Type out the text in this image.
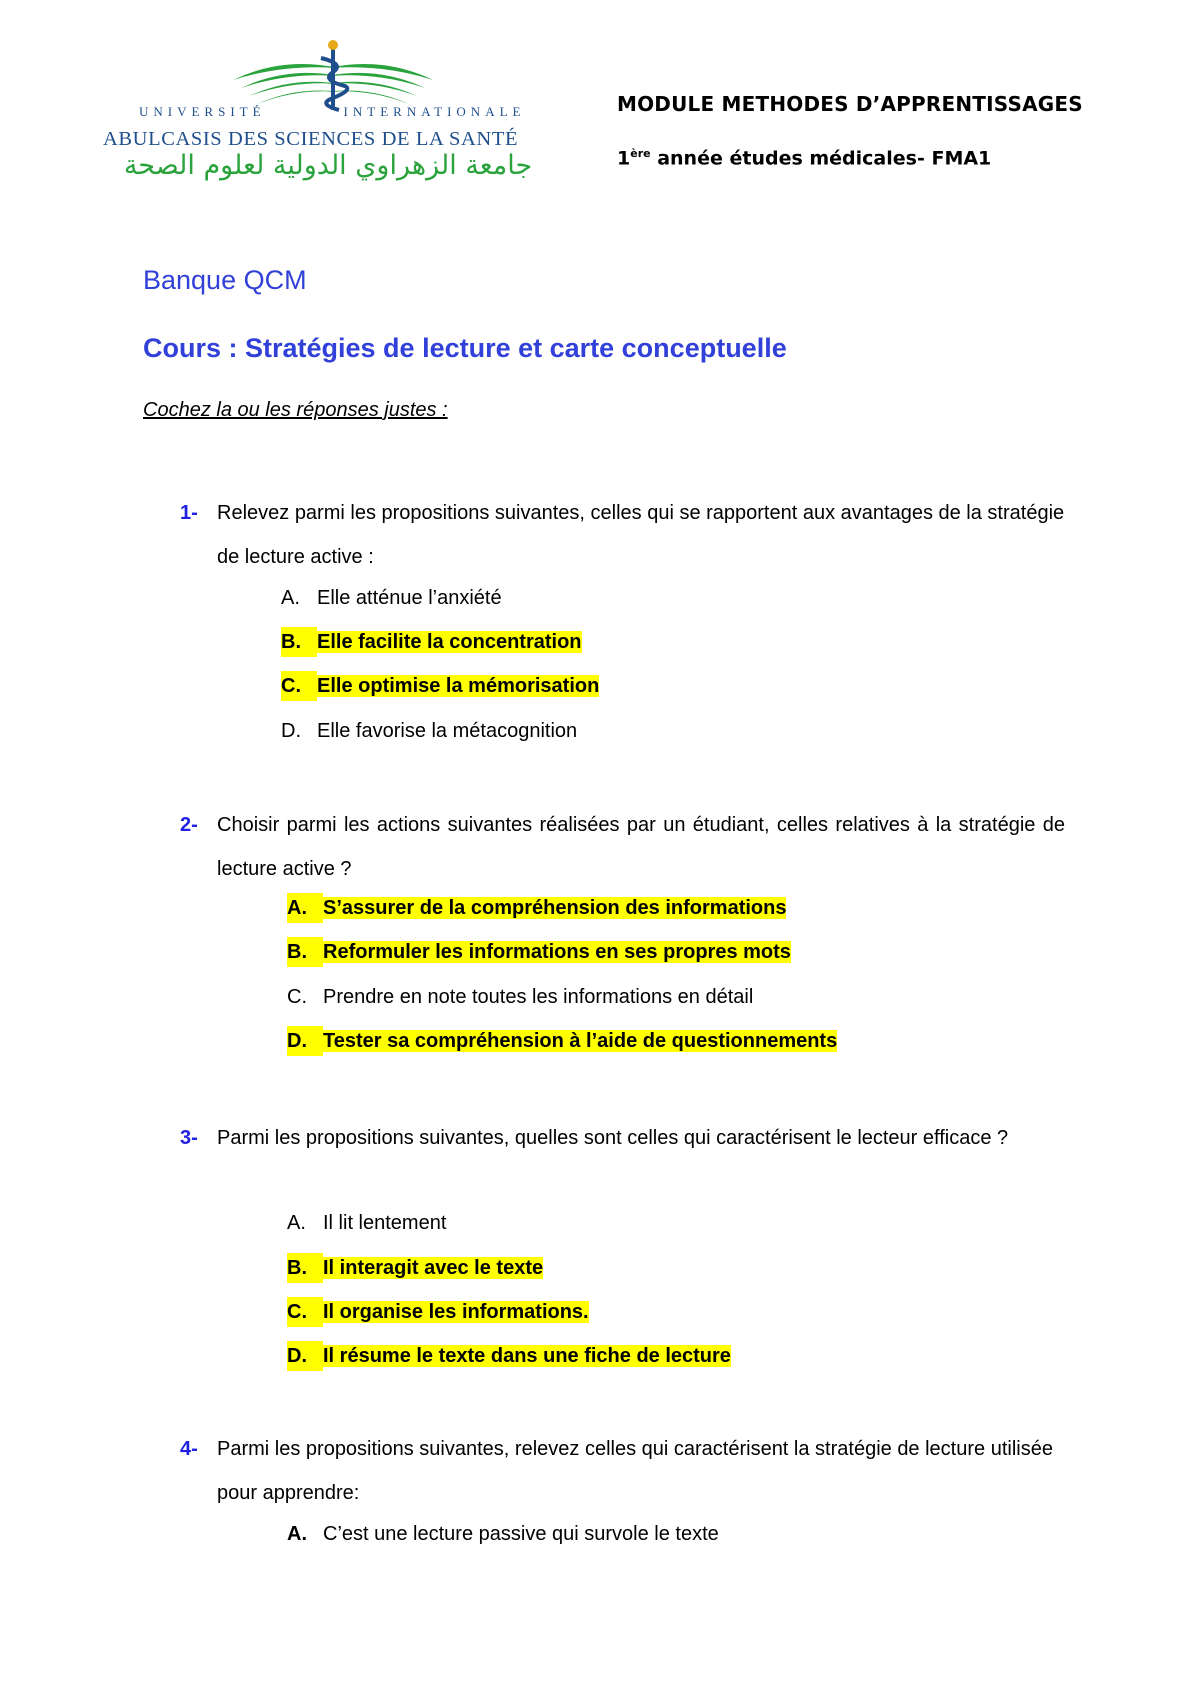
UNIVERSITÉ	INTERNATIONALE
ABULCASIS DES SCIENCES DE LA SANTÉ
جامعة الزهراوي الدولية لعلوم الصحة
MODULE METHODES D’APPRENTISSAGES
1ère année études médicales- FMA1
Banque QCM
Cours : Stratégies de lecture et carte conceptuelle
Cochez la ou les réponses justes :
1- Relevez parmi les propositions suivantes, celles qui se rapportent aux avantages de la stratégie de lecture active :
A. Elle atténue l’anxiété
B. Elle facilite la concentration
C. Elle optimise la mémorisation
D. Elle favorise la métacognition
2- Choisir parmi les actions suivantes réalisées par un étudiant, celles relatives à la stratégie de lecture active ?
A. S’assurer de la compréhension des informations
B. Reformuler les informations en ses propres mots
C. Prendre en note toutes les informations en détail
D. Tester sa compréhension à l’aide de questionnements
3- Parmi les propositions suivantes, quelles sont celles qui caractérisent le lecteur efficace ?
A. Il lit lentement
B. Il interagit avec le texte
C. Il organise les informations.
D. Il résume le texte dans une fiche de lecture
4- Parmi les propositions suivantes, relevez celles qui caractérisent la stratégie de lecture utilisée pour apprendre:
A. C’est une lecture passive qui survole le texte
